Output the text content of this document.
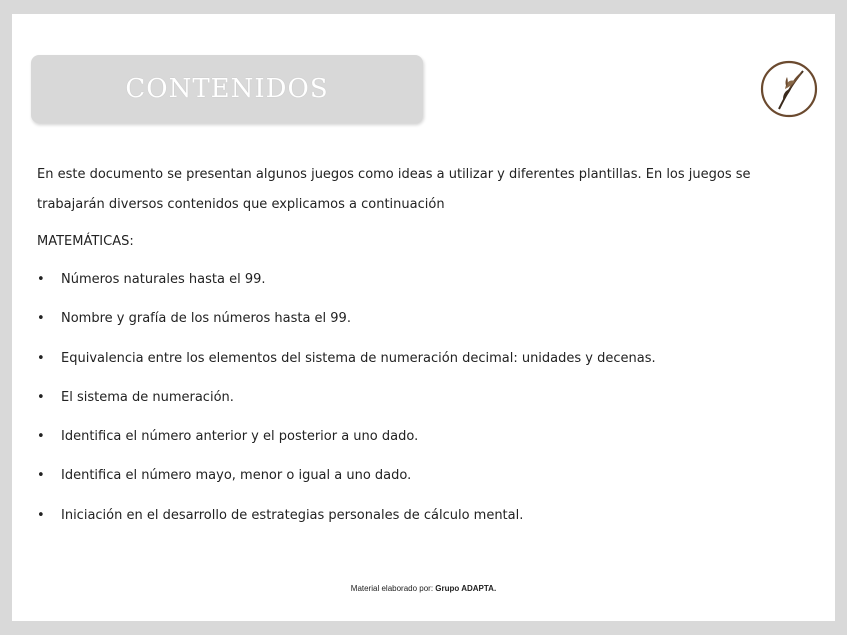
CONTENIDOS

En este documento se presentan algunos juegos como ideas a utilizar y diferentes plantillas. En los juegos se trabajarán diversos contenidos que explicamos a continuación

MATEMÁTICAS:

•	Números naturales hasta el 99.
•	Nombre y grafía de los números hasta el 99.
•	Equivalencia entre los elementos del sistema de numeración decimal: unidades y decenas.
•	El sistema de numeración.
•	Identifica el número anterior y el posterior a uno dado.
•	Identifica el número mayo, menor o igual a uno dado.
•	Iniciación en el desarrollo de estrategias personales de cálculo mental.
Material elaborado por: Grupo ADAPTA.
